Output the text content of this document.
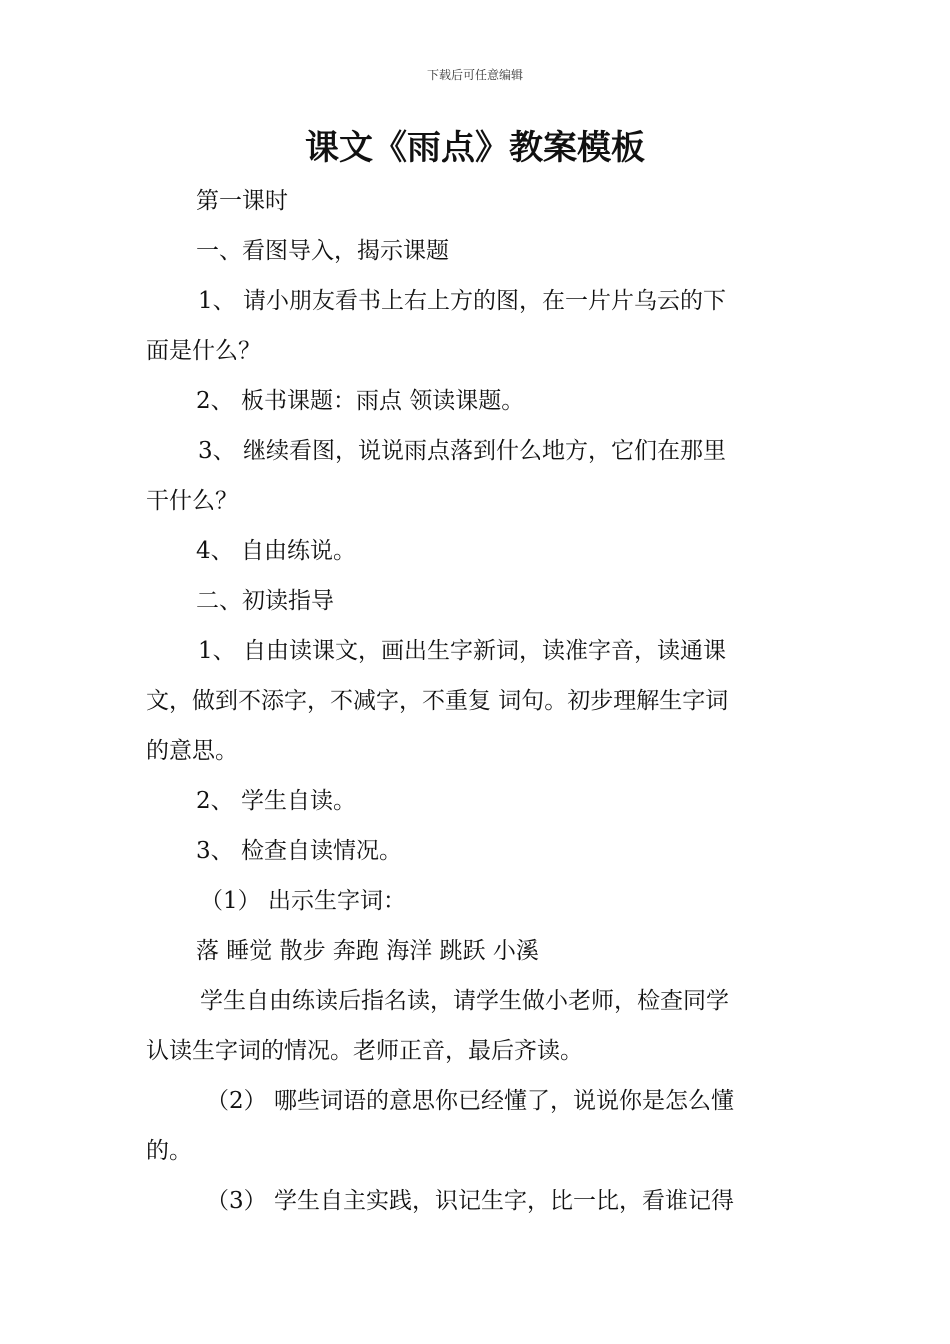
下载后可任意编辑
课文《雨点》教案模板
第一课时
一、看图导入，揭示课题
1、 请小朋友看书上右上方的图，在一片片乌云的下
面是什么？
2、 板书课题：雨点 领读课题。
3、 继续看图，说说雨点落到什么地方，它们在那里
干什么？
4、 自由练说。
二、初读指导
1、 自由读课文，画出生字新词，读准字音，读通课
文，做到不添字，不减字，不重复 词句。初步理解生字词
的意思。
2、 学生自读。
3、 检查自读情况。
（1） 出示生字词：
落 睡觉 散步 奔跑 海洋 跳跃 小溪
学生自由练读后指名读，请学生做小老师，检查同学
认读生字词的情况。老师正音，最后齐读。
（2） 哪些词语的意思你已经懂了，说说你是怎么懂
的。
（3） 学生自主实践，识记生字，比一比，看谁记得
